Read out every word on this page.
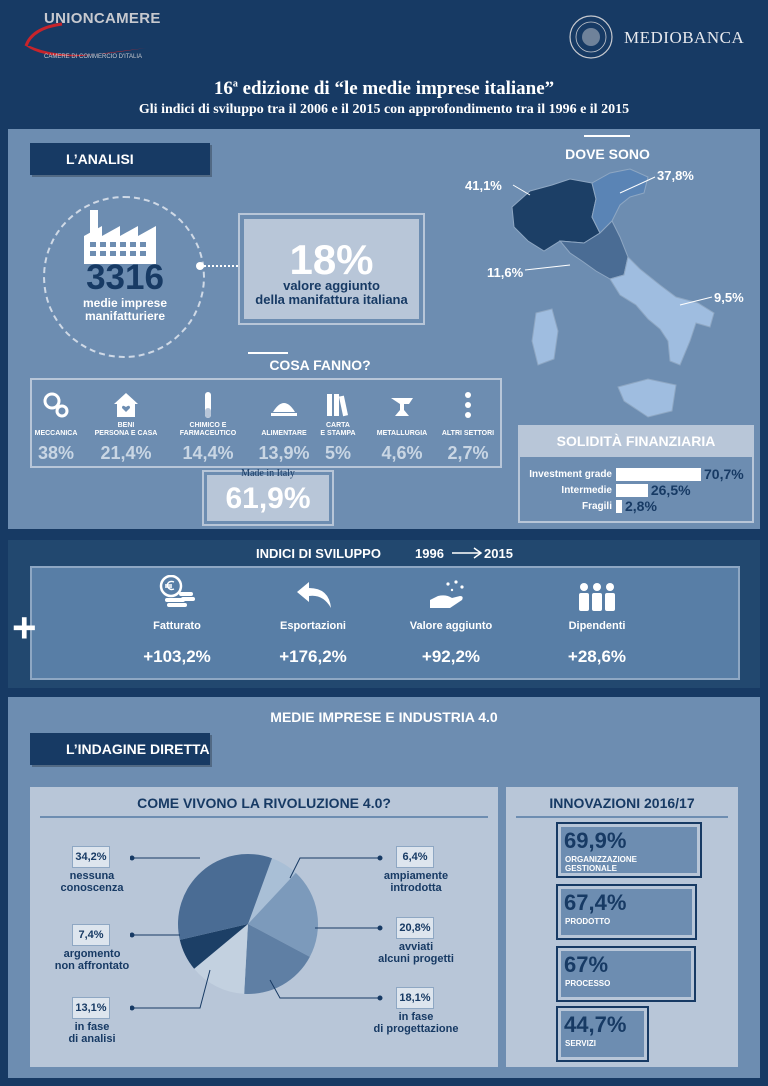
UNIONCAMERE
CAMERE DI COMMERCIO D'ITALIA
MEDIOBANCA
16$^a$ edizione di “le medie imprese italiane”
Gli indici di sviluppo tra il 2006 e il 2015 con approfondimento tra il 1996 e il 2015
L’ANALISI
3316
medie imprese
manifatturiere
18%
valore aggiunto
della manifattura italiana
COSA FANNO?
MECCANICA
38%
BENI
PERSONA E CASA
21,4%
CHIMICO E
FARMACEUTICO
14,4%
ALIMENTARE
13,9%
CARTA
E STAMPA
5%
METALLURGIA
4,6%
ALTRI SETTORI
2,7%
Made in Italy
61,9%
DOVE SONO
41,1%
37,8%
11,6%
9,5%
SOLIDITÀ FINANZIARIA
Investment grade	70,7%
Intermedie	26,5%
Fragili 2,8%
INDICI DI SVILUPPO	1996	2015
+	Fatturato	Esportazioni	Valore aggiunto	Dipendenti
+103,2%	+176,2%	+92,2%	+28,6%
MEDIE IMPRESE E INDUSTRIA 4.0
L’INDAGINE DIRETTA
COME VIVONO LA RIVOLUZIONE 4.0?	INNOVAZIONI 2016/17
6,4%
ampiamente
introdotta
20,8%
avviati
alcuni progetti
18,1%
in fase
di progettazione
13,1%
in fase
di analisi
7,4%
argomento
non affrontato
34,2%
nessuna
conoscenza
69,9%
ORGANIZZAZIONE
GESTIONALE
67,4%
PRODOTTO
67%
PROCESSO
44,7%
SERVIZI
